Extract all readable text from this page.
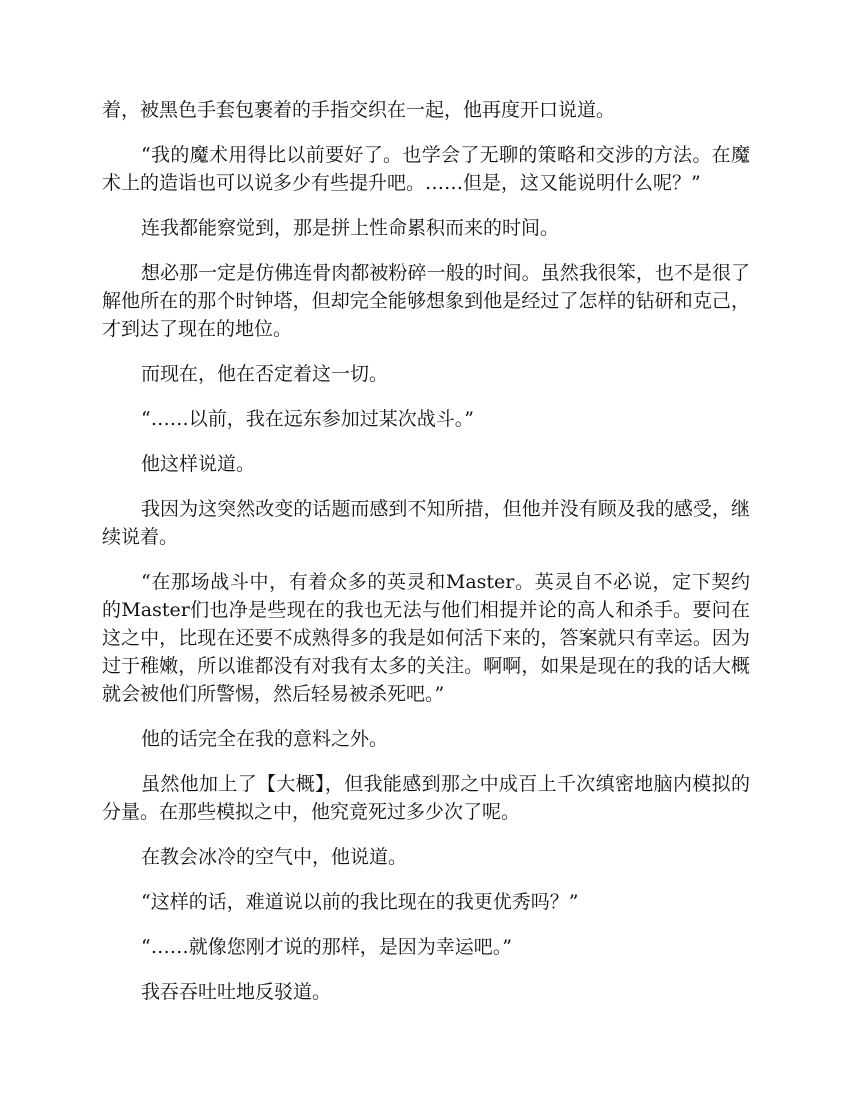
着，被黑色手套包裹着的手指交织在一起，他再度开口说道。

“我的魔术用得比以前要好了。也学会了无聊的策略和交涉的方法。在魔术上的造诣也可以说多少有些提升吧。……但是，这又能说明什么呢？”

连我都能察觉到，那是拼上性命累积而来的时间。

想必那一定是仿佛连骨肉都被粉碎一般的时间。虽然我很笨，也不是很了解他所在的那个时钟塔，但却完全能够想象到他是经过了怎样的钻研和克己，才到达了现在的地位。

而现在，他在否定着这一切。

“……以前，我在远东参加过某次战斗。”

他这样说道。

我因为这突然改变的话题而感到不知所措，但他并没有顾及我的感受，继续说着。

“在那场战斗中，有着众多的英灵和Master。英灵自不必说，定下契约的Master们也净是些现在的我也无法与他们相提并论的高人和杀手。要问在这之中，比现在还要不成熟得多的我是如何活下来的，答案就只有幸运。因为过于稚嫩，所以谁都没有对我有太多的关注。啊啊，如果是现在的我的话大概就会被他们所警惕，然后轻易被杀死吧。”

他的话完全在我的意料之外。

虽然他加上了【大概】，但我能感到那之中成百上千次缜密地脑内模拟的分量。在那些模拟之中，他究竟死过多少次了呢。

在教会冰冷的空气中，他说道。

“这样的话，难道说以前的我比现在的我更优秀吗？”

“……就像您刚才说的那样，是因为幸运吧。”

我吞吞吐吐地反驳道。
